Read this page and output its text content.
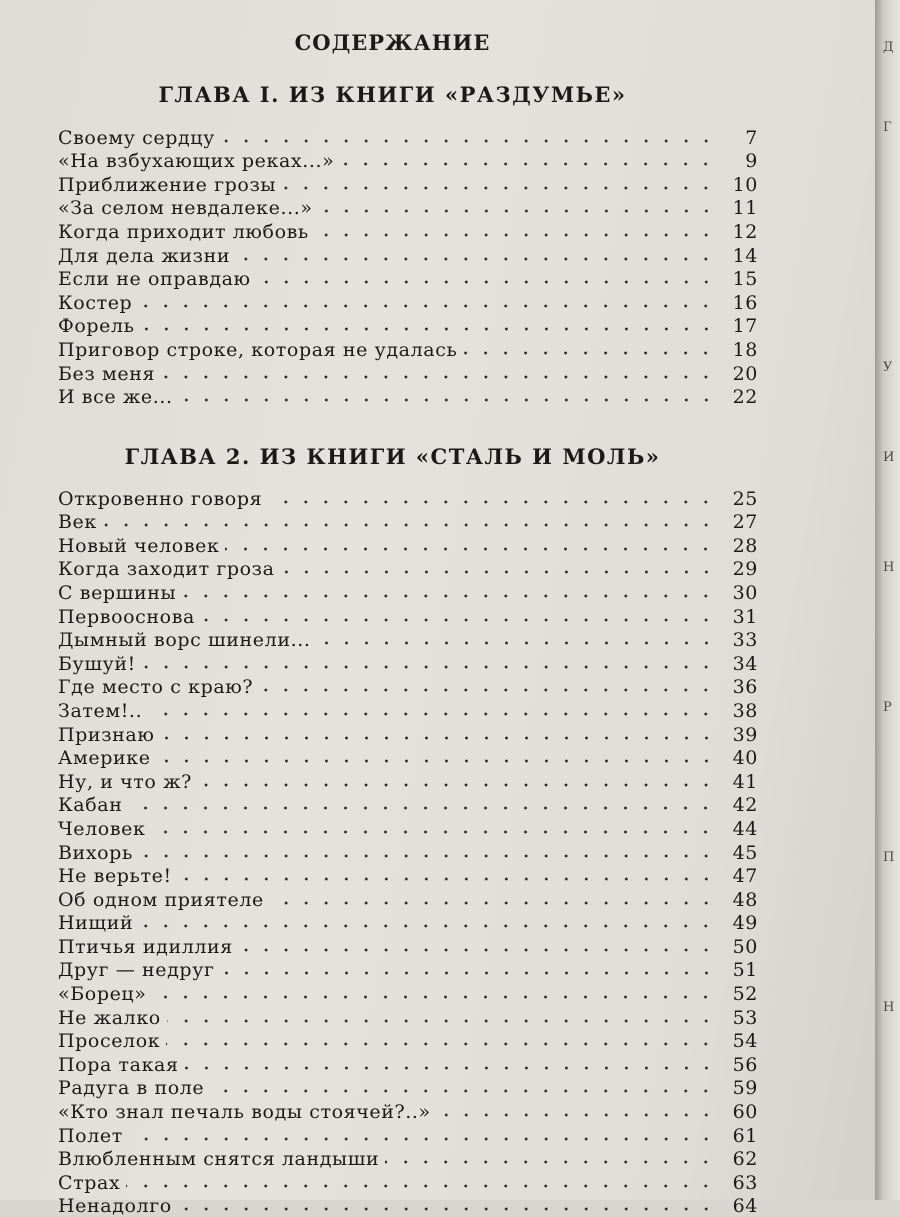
СОДЕРЖАНИЕ
ГЛАВА I. ИЗ КНИГИ «РАЗДУМЬЕ»
Своему сердцу	7
«На взбухающих реках...»	9
Приближение грозы	10
«За селом невдалеке...»	11
Когда приходит любовь	12
Для дела жизни	14
Если не оправдаю	15
Костер	16
Форель	17
Приговор строке, которая не удалась	18
Без меня	20
И все же...	22
ГЛАВА 2. ИЗ КНИГИ «СТАЛЬ И МОЛЬ»
Откровенно говоря	25
Век	27
Новый человек	28
Когда заходит гроза	29
С вершины	30
Первооснова	31
Дымный ворс шинели...	33
Бушуй!	34
Где место с краю?	36
Затем!..	38
Признаю	39
Америке	40
Ну, и что ж?	41
Кабан	42
Человек	44
Вихорь	45
Не верьте!	47
Об одном приятеле	48
Нищий	49
Птичья идиллия	50
Друг — недруг	51
«Борец»	52
Не жалко	53
Проселок	54
Пора такая	56
Радуга в поле	59
«Кто знал печаль воды стоячей?..»	60
Полет	61
Влюбленным снятся ландыши	62
Страх	63
Ненадолго	64
Д
Г
У
И
Н
Р
П
Н
